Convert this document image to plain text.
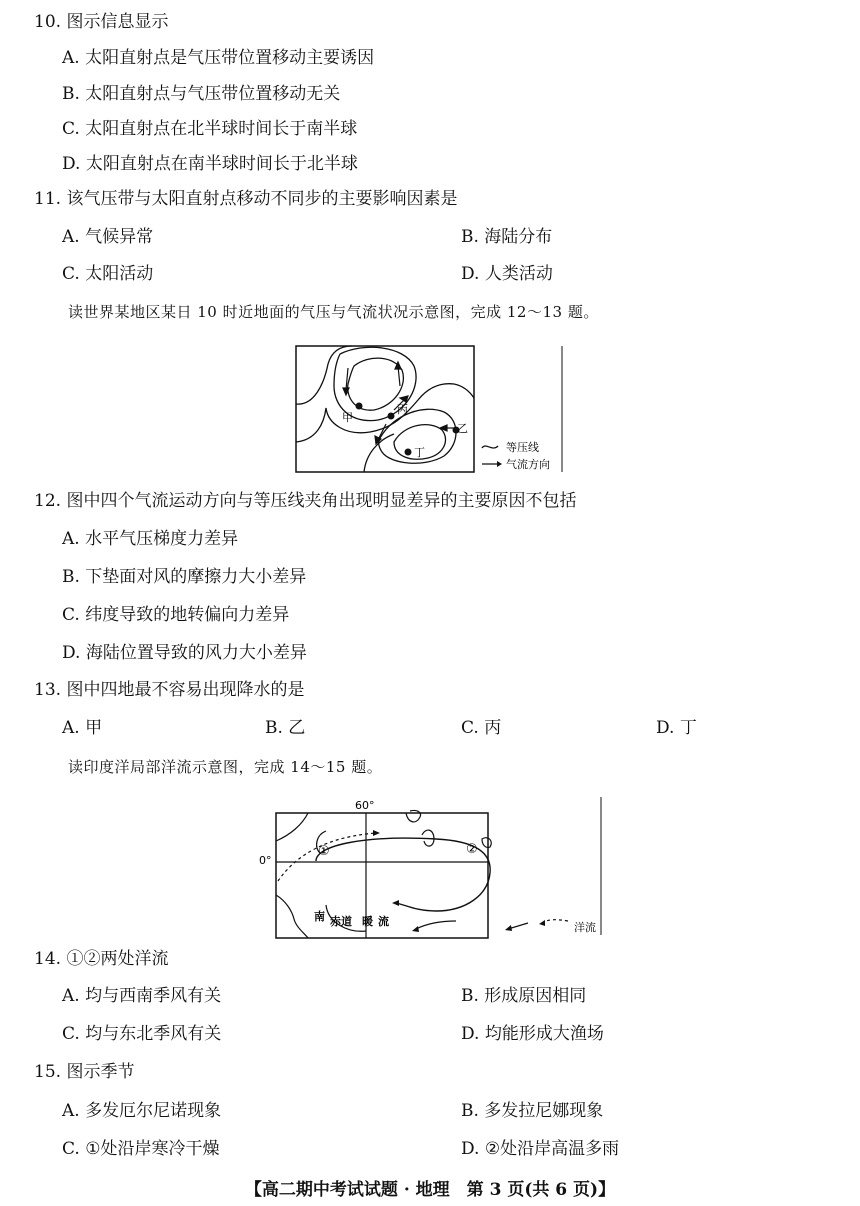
10. 图示信息显示
A. 太阳直射点是气压带位置移动主要诱因
B. 太阳直射点与气压带位置移动无关
C. 太阳直射点在北半球时间长于南半球
D. 太阳直射点在南半球时间长于北半球
11. 该气压带与太阳直射点移动不同步的主要影响因素是
A. 气候异常	B. 海陆分布
C. 太阳活动	D. 人类活动
读世界某地区某日 10 时近地面的气压与气流状况示意图，完成 12～13 题。
甲
丙
乙
丁	等压线
气流方向
12. 图中四个气流运动方向与等压线夹角出现明显差异的主要原因不包括
A. 水平气压梯度力差异
B. 下垫面对风的摩擦力大小差异
C. 纬度导致的地转偏向力差异
D. 海陆位置导致的风力大小差异
13. 图中四地最不容易出现降水的是
A. 甲	B. 乙	C. 丙	D. 丁
读印度洋局部洋流示意图，完成 14～15 题。
60°
0°
①	②
南 赤道 暖 流	洋流
14. ①②两处洋流
A. 均与西南季风有关	B. 形成原因相同
C. 均与东北季风有关	D. 均能形成大渔场
15. 图示季节
A. 多发厄尔尼诺现象	B. 多发拉尼娜现象
C. ①处沿岸寒冷干燥	D. ②处沿岸高温多雨
【高二期中考试试题 · 地理　第 3 页(共 6 页)】
